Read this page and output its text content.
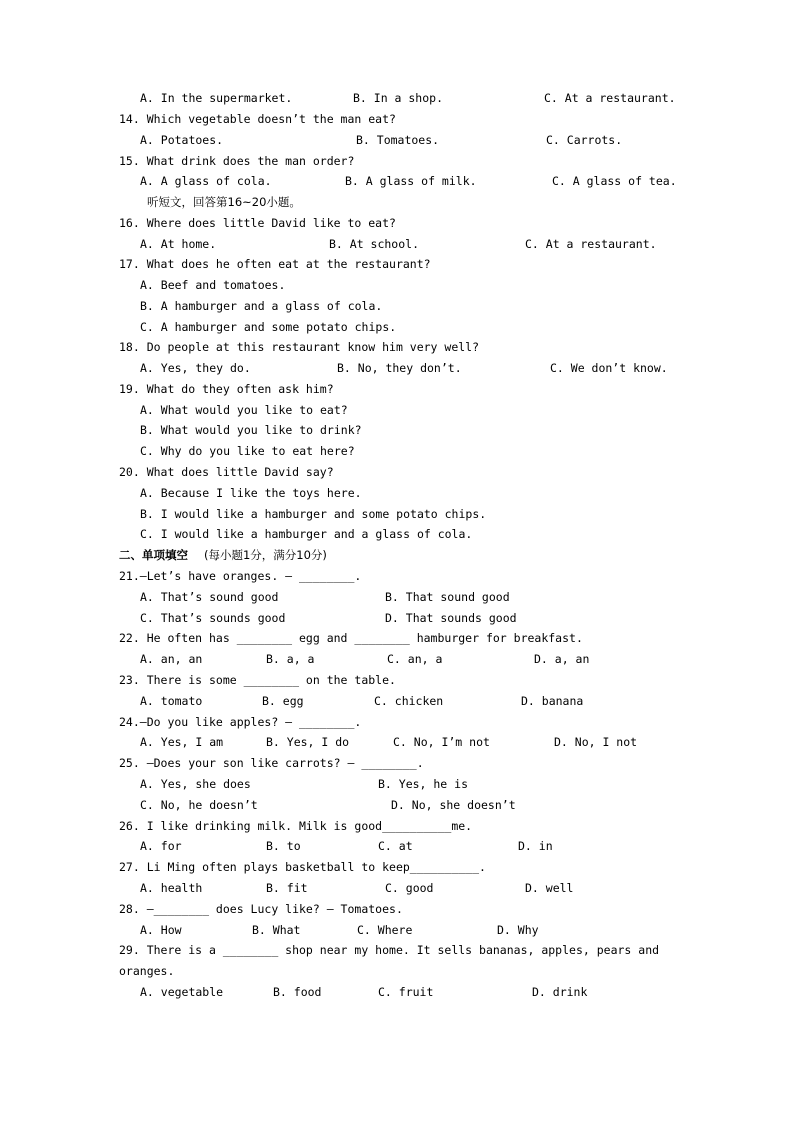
A. In the supermarket.	B. In a shop.	C. At a restaurant.
14. Which vegetable doesn’t the man eat?
A. Potatoes.	B. Tomatoes.	C. Carrots.
15. What drink does the man order?
A. A glass of cola.	B. A glass of milk.	C. A glass of tea.
听短文，回答第16~20小题。
16. Where does little David like to eat?
A. At home.	B. At school.	C. At a restaurant.
17. What does he often eat at the restaurant?
A. Beef and tomatoes.
B. A hamburger and a glass of cola.
C. A hamburger and some potato chips.
18. Do people at this restaurant know him very well?
A. Yes, they do.	B. No, they don’t.	C. We don’t know.
19. What do they often ask him?
A. What would you like to eat?
B. What would you like to drink?
C. Why do you like to eat here?
20. What does little David say?
A. Because I like the toys here.
B. I would like a hamburger and some potato chips.
C. I would like a hamburger and a glass of cola.
二、单项填空 (每小题1分，满分10分)
21.—Let’s have oranges. — ________.
A. That’s sound good	B. That sound good
C. That’s sounds good	D. That sounds good
22. He often has ________ egg and ________ hamburger for breakfast.
A. an, an	B. a, a	C. an, a	D. a, an
23. There is some ________ on the table.
A. tomato	B. egg	C. chicken	D. banana
24.—Do you like apples? — ________.
A. Yes, I am	B. Yes, I do	C. No, I’m not	D. No, I not
25. —Does your son like carrots? — ________.
A. Yes, she does	B. Yes, he is
C. No, he doesn’t	D. No, she doesn’t
26. I like drinking milk. Milk is good__________me.
A. for	B. to	C. at	D. in
27. Li Ming often plays basketball to keep__________.
A. health	B. fit	C. good	D. well
28. —________ does Lucy like? — Tomatoes.
A. How	B. What	C. Where	D. Why
29. There is a ________ shop near my home. It sells bananas, apples, pears and
oranges.
A. vegetable	B. food	C. fruit	D. drink
